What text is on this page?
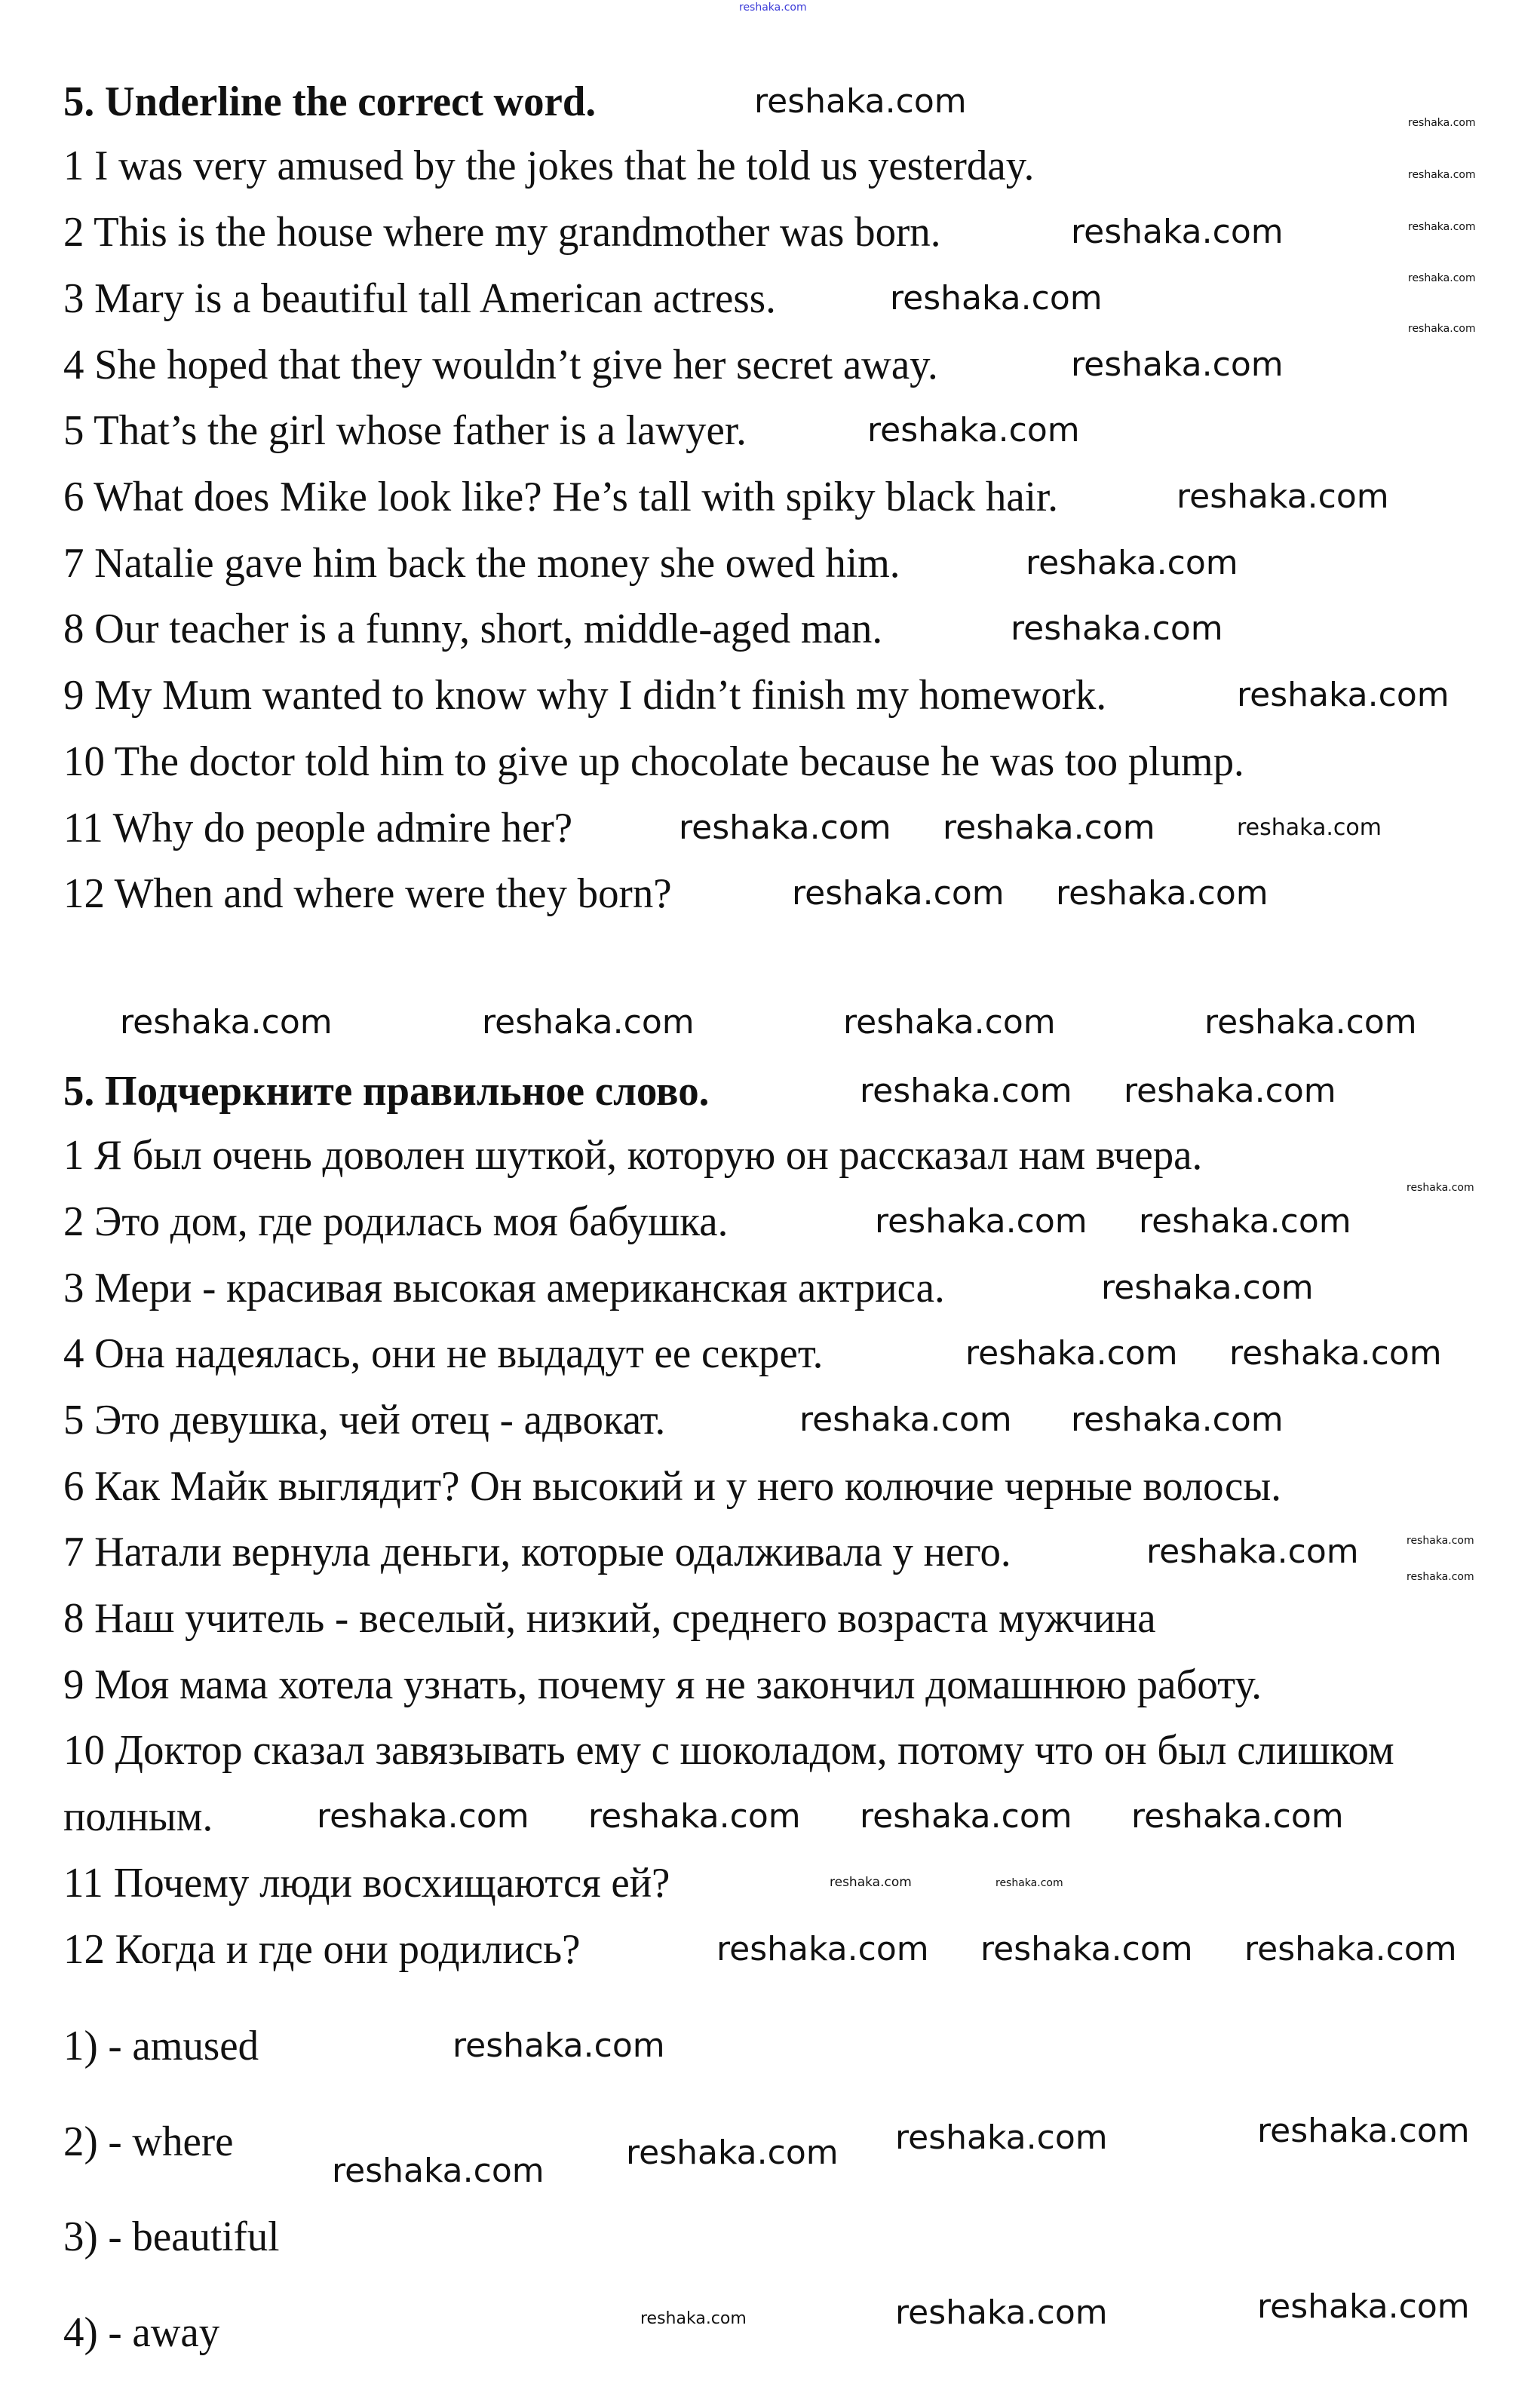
reshaka.com
5. Underline the correct word.
1 I was very amused by the jokes that he told us yesterday.
2 This is the house where my grandmother was born.
3 Mary is a beautiful tall American actress.
4 She hoped that they wouldn’t give her secret away.
5 That’s the girl whose father is a lawyer.
6 What does Mike look like? He’s tall with spiky black hair.
7 Natalie gave him back the money she owed him.
8 Our teacher is a funny, short, middle-aged man.
9 My Mum wanted to know why I didn’t finish my homework.
10 The doctor told him to give up chocolate because he was too plump.
11 Why do people admire her?
12 When and where were they born?
5. Подчеркните правильное слово.
1 Я был очень доволен шуткой, которую он рассказал нам вчера.
2 Это дом, где родилась моя бабушка.
3 Мери - красивая высокая американская актриса.
4 Она надеялась, они не выдадут ее секрет.
5 Это девушка, чей отец - адвокат.
6 Как Майк выглядит? Он высокий и у него колючие черные волосы.
7 Натали вернула деньги, которые одалживала у него.
8 Наш учитель - веселый, низкий, среднего возраста мужчина
9 Моя мама хотела узнать, почему я не закончил домашнюю работу.
10 Доктор сказал завязывать ему с шоколадом, потому что он был слишком
полным.
11 Почему люди восхищаются ей?
12 Когда и где они родились?
1) - amused
2) - where
3) - beautiful
4) - away
reshaka.com
reshaka.com
reshaka.com
reshaka.com
reshaka.com
reshaka.com
reshaka.com
reshaka.com
reshaka.com
reshaka.com reshaka.com	reshaka.com
reshaka.com reshaka.com
reshaka.com	reshaka.com	reshaka.com	reshaka.com
reshaka.com reshaka.com
reshaka.com reshaka.com
reshaka.com
reshaka.com reshaka.com
reshaka.com reshaka.com
reshaka.com
reshaka.com reshaka.com reshaka.com reshaka.com
reshaka.com reshaka.com reshaka.com
reshaka.com
reshaka.com reshaka.com reshaka.com	reshaka.com
reshaka.com	reshaka.com	reshaka.com
reshaka.com
reshaka.com
reshaka.com
reshaka.com
reshaka.com
reshaka.com
reshaka.com
reshaka.com
reshaka.com
reshaka.com
